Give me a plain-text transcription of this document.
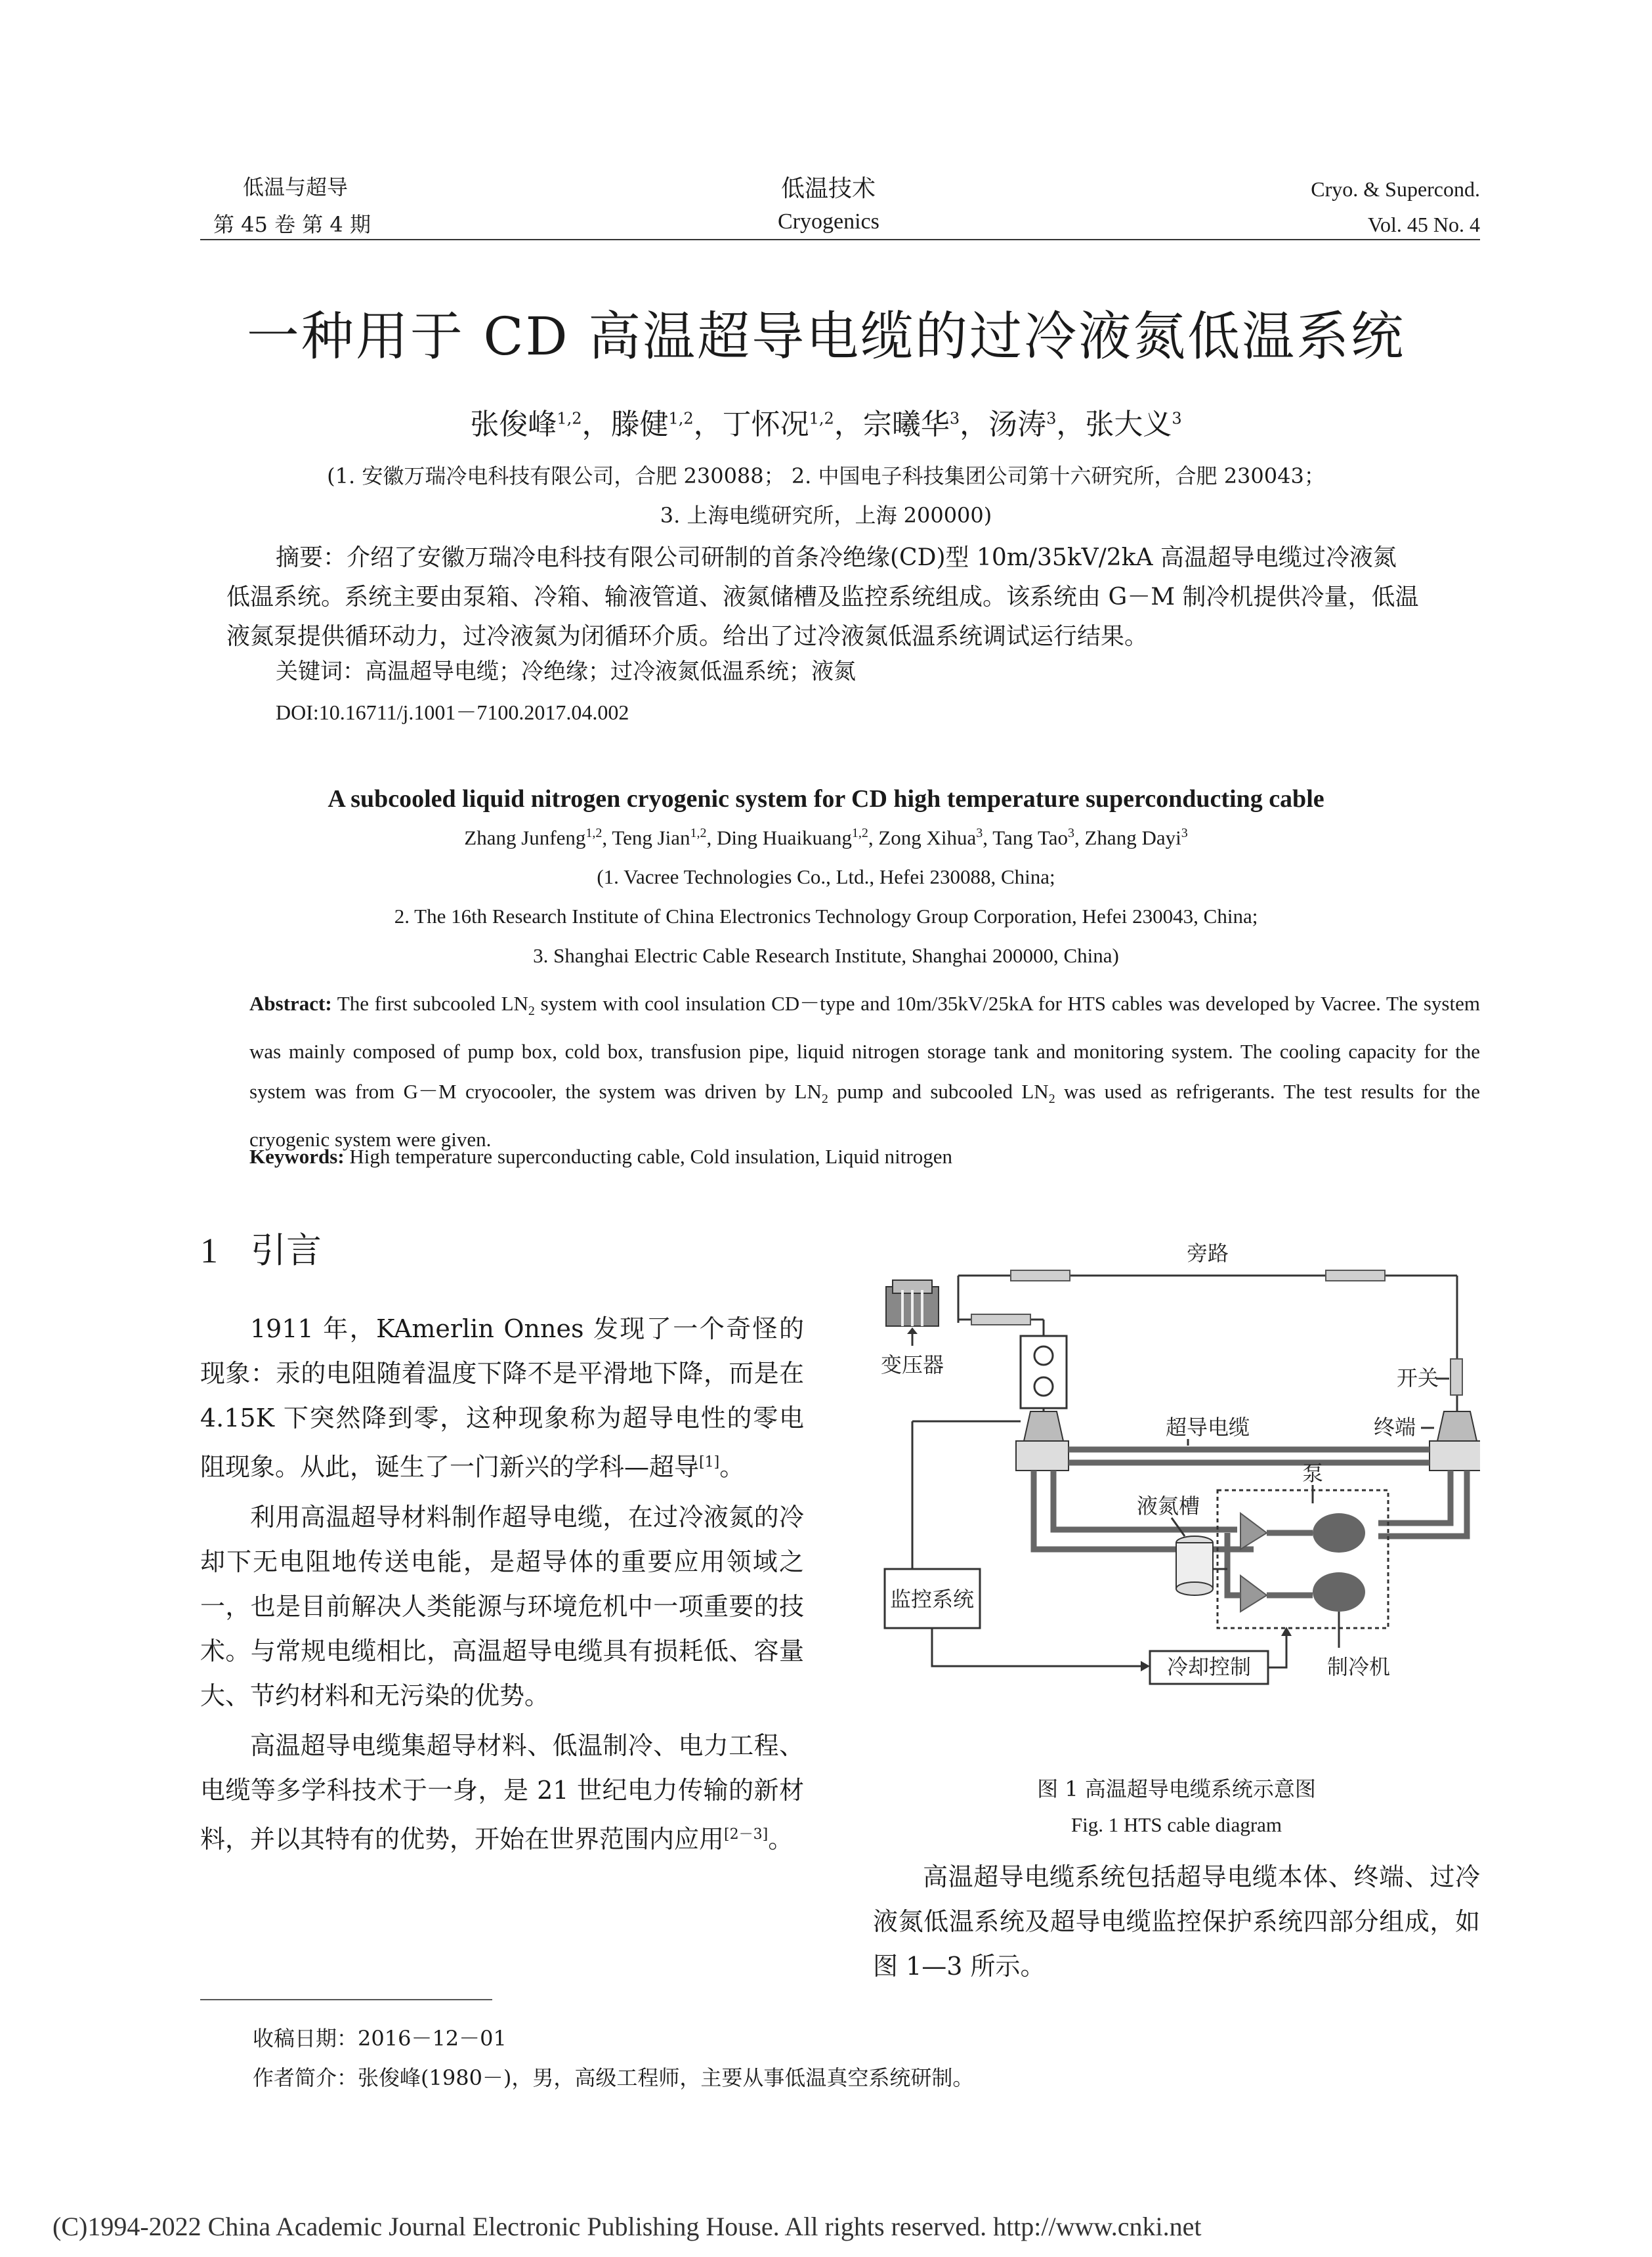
低温与超导
第 45 卷 第 4 期
低温技术
Cryogenics
Cryo. & Supercond.
Vol. 45 No. 4
一种用于 CD 高温超导电缆的过冷液氮低温系统
张俊峰$^{1,2}$，滕健$^{1,2}$，丁怀况$^{1,2}$，宗曦华$^3$，汤涛$^3$，张大义$^3$
(1. 安徽万瑞冷电科技有限公司，合肥 230088； 2. 中国电子科技集团公司第十六研究所，合肥 230043；
3. 上海电缆研究所，上海 200000)

摘要：介绍了安徽万瑞冷电科技有限公司研制的首条冷绝缘(CD)型 10m/35kV/2kA 高温超导电缆过冷液氮

低温系统。系统主要由泵箱、冷箱、输液管道、液氮储槽及监控系统组成。该系统由 G－M 制冷机提供冷量，低温

液氮泵提供循环动力，过冷液氮为闭循环介质。给出了过冷液氮低温系统调试运行结果。

关键词：高温超导电缆；冷绝缘；过冷液氮低温系统；液氮
DOI:10.16711/j.1001－7100.2017.04.002
A subcooled liquid nitrogen cryogenic system for CD high temperature superconducting cable
Zhang Junfeng$^{1,2}$, Teng Jian$^{1,2}$, Ding Huaikuang$^{1,2}$, Zong Xihua$^3$, Tang Tao$^3$, Zhang Dayi$^3$
(1. Vacree Technologies Co., Ltd., Hefei 230088, China;
2. The 16th Research Institute of China Electronics Technology Group Corporation, Hefei 230043, China;
3. Shanghai Electric Cable Research Institute, Shanghai 200000, China)
Abstract: The first subcooled $LN_2$ system with cool insulation CD－type and 10m/35kV/25kA for HTS cables was developed by Vacree. The system was mainly composed of pump box, cold box, transfusion pipe, liquid nitrogen storage tank and monitoring system. The cooling capacity for the system was from G－M cryocooler, the system was driven by $LN_2$ pump and subcooled $LN_2$ was used as refrigerants. The test results for the cryogenic system were given.
Keywords: High temperature superconducting cable, Cold insulation, Liquid nitrogen
1 引言

1911 年，KAmerlin Onnes 发现了一个奇怪的现象：汞的电阻随着温度下降不是平滑地下降，而是在 4.15K 下突然降到零，这种现象称为超导电性的零电阻现象。从此，诞生了一门新兴的学科—超导[1]。

利用高温超导材料制作超导电缆，在过冷液氮的冷却下无电阻地传送电能，是超导体的重要应用领域之一，也是目前解决人类能源与环境危机中一项重要的技术。与常规电缆相比，高温超导电缆具有损耗低、容量大、节约材料和无污染的优势。

高温超导电缆集超导材料、低温制冷、电力工程、电缆等多学科技术于一身，是 21 世纪电力传输的新材料，并以其特有的优势，开始在世界范围内应用[2－3]。

旁路
变压器
开关
终端
超导电缆
泵
液氮槽
监控系统
冷却控制	制冷机
图 1 高温超导电缆系统示意图
Fig. 1 HTS cable diagram

高温超导电缆系统包括超导电缆本体、终端、过冷液氮低温系统及超导电缆监控保护系统四部分组成，如图 1—3 所示。

收稿日期：2016－12－01
作者简介：张俊峰(1980－)，男，高级工程师，主要从事低温真空系统研制。
(C)1994-2022 China Academic Journal Electronic Publishing House. All rights reserved. http://www.cnki.net
